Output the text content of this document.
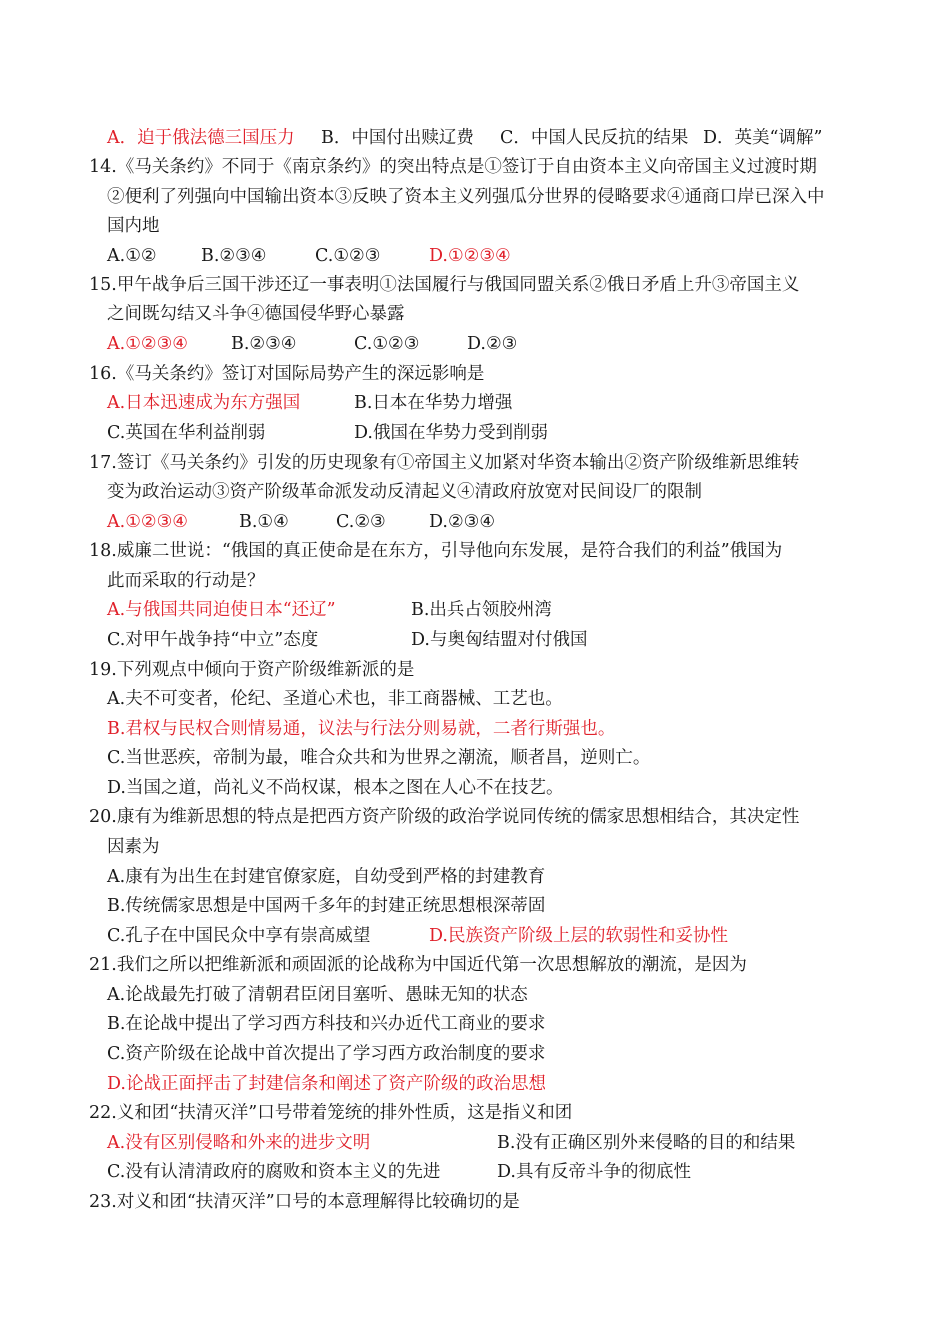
A．迫于俄法德三国压力 B．中国付出赎辽费 C．中国人民反抗的结果 D．英美“调解”
14.《马关条约》不同于《南京条约》的突出特点是①签订于自由资本主义向帝国主义过渡时期
②便利了列强向中国输出资本③反映了资本主义列强瓜分世界的侵略要求④通商口岸已深入中
国内地
A.①②	B.②③④	C.①②③	D.①②③④
15.甲午战争后三国干涉还辽一事表明①法国履行与俄国同盟关系②俄日矛盾上升③帝国主义
之间既勾结又斗争④德国侵华野心暴露
A.①②③④ B.②③④	C.①②③	D.②③
16.《马关条约》签订对国际局势产生的深远影响是
A.日本迅速成为东方强国	B.日本在华势力增强
C.英国在华利益削弱	D.俄国在华势力受到削弱
17.签订《马关条约》引发的历史现象有①帝国主义加紧对华资本输出②资产阶级维新思维转
变为政治运动③资产阶级革命派发动反清起义④清政府放宽对民间设厂的限制
A.①②③④	B.①④	C.②③ D.②③④
18.威廉二世说：“俄国的真正使命是在东方，引导他向东发展，是符合我们的利益”俄国为
此而采取的行动是？
A.与俄国共同迫使日本“还辽”	B.出兵占领胶州湾
C.对甲午战争持“中立”态度	D.与奥匈结盟对付俄国
19.下列观点中倾向于资产阶级维新派的是
A.夫不可变者，伦纪、圣道心术也，非工商器械、工艺也。
B.君权与民权合则情易通，议法与行法分则易就，二者行斯强也。
C.当世恶疾，帝制为最，唯合众共和为世界之潮流，顺者昌，逆则亡。
D.当国之道，尚礼义不尚权谋，根本之图在人心不在技艺。
20.康有为维新思想的特点是把西方资产阶级的政治学说同传统的儒家思想相结合，其决定性
因素为
A.康有为出生在封建官僚家庭，自幼受到严格的封建教育
B.传统儒家思想是中国两千多年的封建正统思想根深蒂固
C.孔子在中国民众中享有崇高威望	D.民族资产阶级上层的软弱性和妥协性
21.我们之所以把维新派和顽固派的论战称为中国近代第一次思想解放的潮流，是因为
A.论战最先打破了清朝君臣闭目塞听、愚昧无知的状态
B.在论战中提出了学习西方科技和兴办近代工商业的要求
C.资产阶级在论战中首次提出了学习西方政治制度的要求
D.论战正面抨击了封建信条和阐述了资产阶级的政治思想
22.义和团“扶清灭洋”口号带着笼统的排外性质，这是指义和团
A.没有区别侵略和外来的进步文明	B.没有正确区别外来侵略的目的和结果
C.没有认清清政府的腐败和资本主义的先进	D.具有反帝斗争的彻底性
23.对义和团“扶清灭洋”口号的本意理解得比较确切的是
